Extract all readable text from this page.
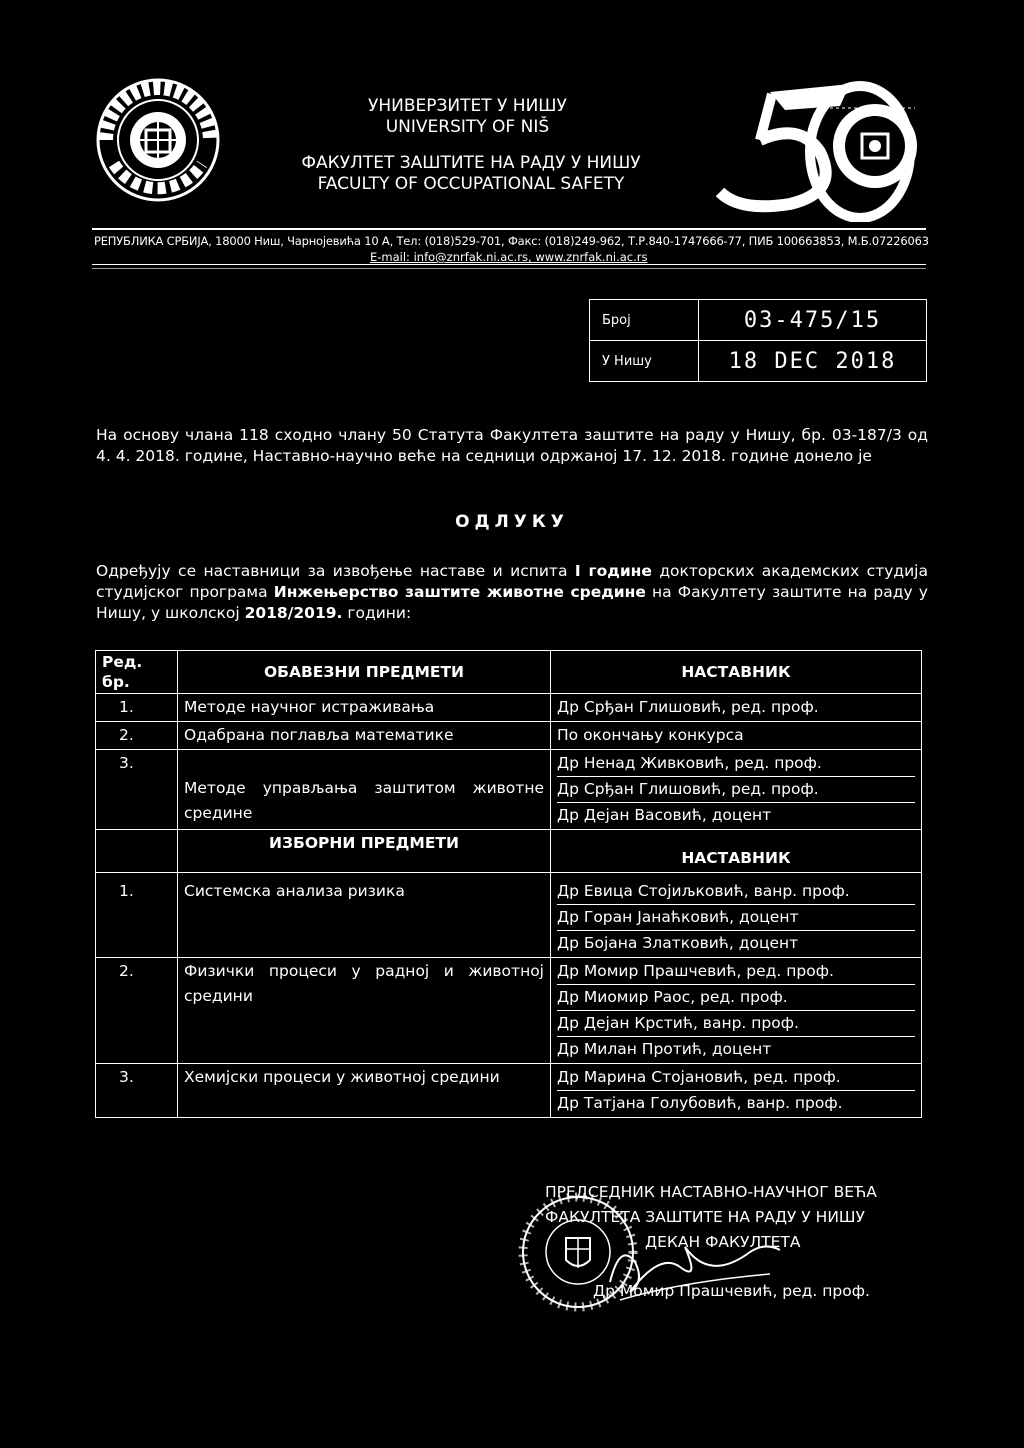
УНИВЕРЗИТЕТ У НИШУ
UNIVERSITY OF NIŠ
ФАКУЛТЕТ ЗАШТИТЕ НА РАДУ У НИШУ
FACULTY OF OCCUPATIONAL SAFETY
РЕПУБЛИКА СРБИЈА, 18000 Ниш, Чарнојевића 10 А, Тел: (018)529-701, Факс: (018)249-962, Т.Р.840-1747666-77, ПИБ 100663853, М.Б.07226063
E-mail: info@znrfak.ni.ac.rs, www.znrfak.ni.ac.rs
Број	03-475/15
У Нишу	18 DEC 2018
На основу члана 118 сходно члану 50 Статута Факултета заштите на раду у Нишу, бр. 03-187/3 од 4. 4. 2018. године, Наставно-научно веће на седници одржаној 17. 12. 2018. године донело је
ОДЛУКУ
Одређују се наставници за извођење наставе и испита I године докторских академских студија студијског програма Инжењерство заштите животне средине на Факултету заштите на раду у Нишу, у школској 2018/2019. години:
Ред. бр.	ОБАВЕЗНИ ПРЕДМЕТИ	НАСТАВНИК
1.	Методе научног истраживања	Др Срђан Глишовић, ред. проф.

2.	Одабрана поглавља математике	По окончању конкурса

3.	Методе управљања заштитом животне средине	Др Ненад Живковић, ред. проф.
Др Срђан Глишовић, ред. проф.
Др Дејан Васовић, доцент

	ИЗБОРНИ ПРЕДМЕТИ	НАСТАВНИК
1.	Системска анализа ризика	Др Евица Стојиљковић, ванр. проф.
Др Горан Јанаћковић, доцент
Др Бојана Златковић, доцент

2.	Физички процеси у радној и животној средини	Др Момир Прашчевић, ред. проф.
Др Миомир Раос, ред. проф.
Др Дејан Крстић, ванр. проф.
Др Милан Протић, доцент

3.	Хемијски процеси у животној средини	Др Марина Стојановић, ред. проф.
Др Татјана Голубовић, ванр. проф.
ПРЕДСЕДНИК НАСТАВНО-НАУЧНОГ ВЕЋА
ФАКУЛТЕТА ЗАШТИТЕ НА РАДУ У НИШУ
ДЕКАН ФАКУЛТЕТА
Др Момир Прашчевић, ред. проф.
